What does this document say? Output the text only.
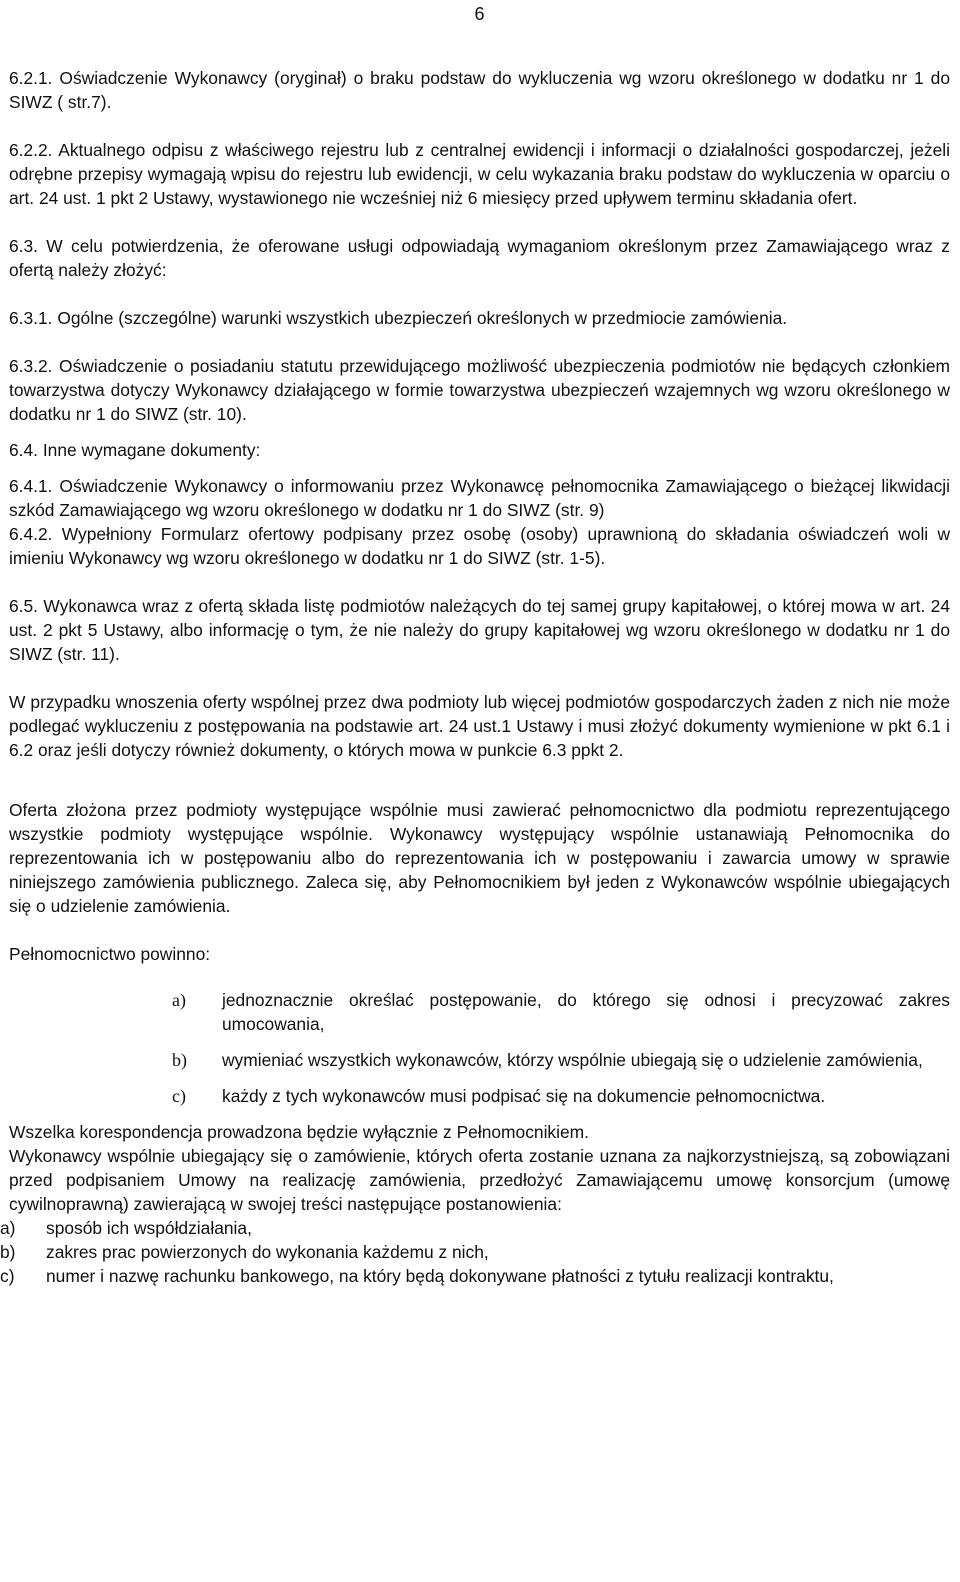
6

6.2.1. Oświadczenie Wykonawcy (oryginał) o braku podstaw do wykluczenia wg wzoru określonego w dodatku nr 1 do SIWZ ( str.7).

6.2.2. Aktualnego odpisu z właściwego rejestru lub z centralnej ewidencji i informacji o działalności gospodarczej, jeżeli odrębne przepisy wymagają wpisu do rejestru lub ewidencji, w celu wykazania braku podstaw do wykluczenia w oparciu o art. 24 ust. 1 pkt 2 Ustawy, wystawionego nie wcześniej niż 6 miesięcy przed upływem terminu składania ofert.

6.3. W celu potwierdzenia, że oferowane usługi odpowiadają wymaganiom określonym przez Zamawiającego wraz z ofertą należy złożyć:

6.3.1. Ogólne (szczególne) warunki wszystkich ubezpieczeń określonych w przedmiocie zamówienia.

6.3.2. Oświadczenie o posiadaniu statutu przewidującego możliwość ubezpieczenia podmiotów nie będących członkiem towarzystwa dotyczy Wykonawcy działającego w formie towarzystwa ubezpieczeń wzajemnych wg wzoru określonego w dodatku nr 1 do SIWZ (str. 10).

6.4. Inne wymagane dokumenty:

6.4.1. Oświadczenie Wykonawcy o informowaniu przez Wykonawcę pełnomocnika Zamawiającego o bieżącej likwidacji szkód Zamawiającego wg wzoru określonego w dodatku nr 1 do SIWZ (str. 9)

6.4.2. Wypełniony Formularz ofertowy podpisany przez osobę (osoby) uprawnioną do składania oświadczeń woli w imieniu Wykonawcy wg wzoru określonego w dodatku nr 1 do SIWZ (str. 1-5).

6.5. Wykonawca wraz z ofertą składa listę podmiotów należących do tej samej grupy kapitałowej, o której mowa w art. 24 ust. 2 pkt 5 Ustawy, albo informację o tym, że nie należy do grupy kapitałowej wg wzoru określonego w dodatku nr 1 do SIWZ (str. 11).

W przypadku wnoszenia oferty wspólnej przez dwa podmioty lub więcej podmiotów gospodarczych żaden z nich nie może podlegać wykluczeniu z postępowania na podstawie art. 24 ust.1 Ustawy i musi złożyć dokumenty wymienione w pkt 6.1 i 6.2 oraz jeśli dotyczy również dokumenty, o których mowa w punkcie 6.3 ppkt 2.

Oferta złożona przez podmioty występujące wspólnie musi zawierać pełnomocnictwo dla podmiotu reprezentującego wszystkie podmioty występujące wspólnie. Wykonawcy występujący wspólnie ustanawiają Pełnomocnika do reprezentowania ich w postępowaniu albo do reprezentowania ich w postępowaniu i zawarcia umowy w sprawie niniejszego zamówienia publicznego. Zaleca się, aby Pełnomocnikiem był jeden z Wykonawców wspólnie ubiegających się o udzielenie zamówienia.

Pełnomocnictwo powinno:

a)	jednoznacznie określać postępowanie, do którego się odnosi i precyzować zakres umocowania,
b)	wymieniać wszystkich wykonawców, którzy wspólnie ubiegają się o udzielenie zamówienia,
c)	każdy z tych wykonawców musi podpisać się na dokumencie pełnomocnictwa.

Wszelka korespondencja prowadzona będzie wyłącznie z Pełnomocnikiem.

Wykonawcy wspólnie ubiegający się o zamówienie, których oferta zostanie uznana za najkorzystniejszą, są zobowiązani przed podpisaniem Umowy na realizację zamówienia, przedłożyć Zamawiającemu umowę konsorcjum (umowę cywilnoprawną) zawierającą w swojej treści następujące postanowienia:

a)	sposób ich współdziałania,
b)	zakres prac powierzonych do wykonania każdemu z nich,
c)	numer i nazwę rachunku bankowego, na który będą dokonywane płatności z tytułu realizacji kontraktu,
